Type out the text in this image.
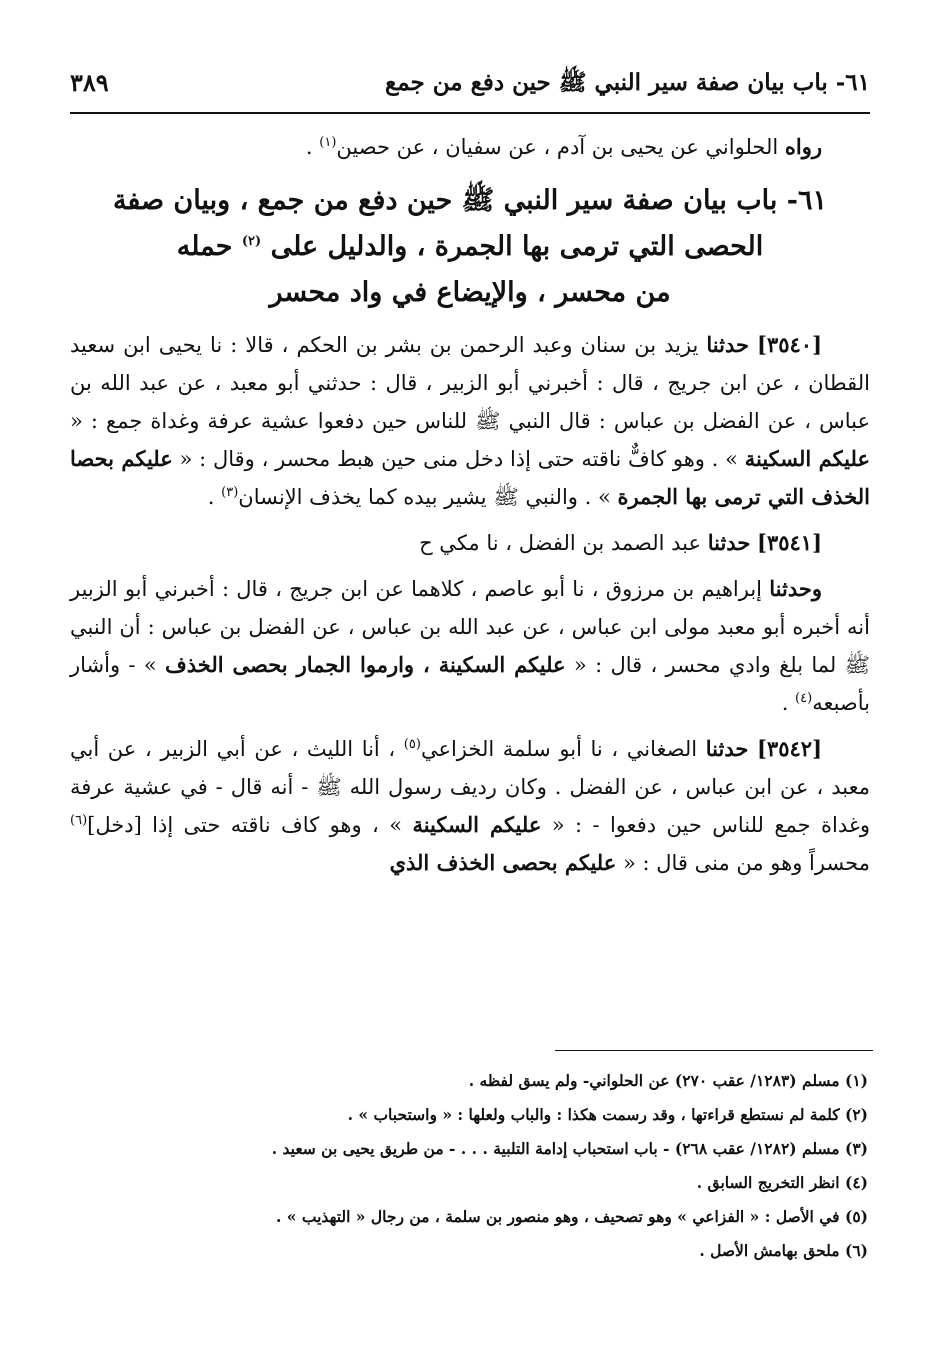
٦١- باب بيان صفة سير النبي ﷺ حين دفع من جمع
٣٨٩

رواه الحلواني عن يحيى بن آدم ، عن سفيان ، عن حصين$^{(١)}$ .

٦١- باب بيان صفة سير النبي ﷺ حين دفع من جمع ، وبيان صفة
الحصى التي ترمى بها الجمرة ، والدليل على $^{(٢)}$ حمله
من محسر ، والإيضاع في واد محسر

[٣٥٤٠] حدثنا يزيد بن سنان وعبد الرحمن بن بشر بن الحكم ، قالا : نا يحيى ابن سعيد القطان ، عن ابن جريج ، قال : أخبرني أبو الزبير ، قال : حدثني أبو معبد ، عن عبد الله بن عباس ، عن الفضل بن عباس : قال النبي ﷺ للناس حين دفعوا عشية عرفة وغداة جمع : « عليكم السكينة » . وهو كافٌّ ناقته حتى إذا دخل منى حين هبط محسر ، وقال : « عليكم بحصا الخذف التي ترمى بها الجمرة » . والنبي ﷺ يشير بيده كما يخذف الإنسان$^{(٣)}$ .

[٣٥٤١] حدثنا عبد الصمد بن الفضل ، نا مكي ح

وحدثنا إبراهيم بن مرزوق ، نا أبو عاصم ، كلاهما عن ابن جريج ، قال : أخبرني أبو الزبير أنه أخبره أبو معبد مولى ابن عباس ، عن عبد الله بن عباس ، عن الفضل بن عباس : أن النبي ﷺ لما بلغ وادي محسر ، قال : « عليكم السكينة ، وارموا الجمار بحصى الخذف » - وأشار بأصبعه$^{(٤)}$ .

[٣٥٤٢] حدثنا الصغاني ، نا أبو سلمة الخزاعي$^{(٥)}$ ، أنا الليث ، عن أبي الزبير ، عن أبي معبد ، عن ابن عباس ، عن الفضل . وكان رديف رسول الله ﷺ - أنه قال - في عشية عرفة وغداة جمع للناس حين دفعوا - : « عليكم السكينة » ، وهو كاف ناقته حتى إذا [دخل]$^{(٦)}$ محسراً وهو من منى قال : « عليكم بحصى الخذف الذي

(١) مسلم (١٢٨٣/ عقب ٢٧٠) عن الحلواني- ولم يسق لفظه .

(٢) كلمة لم نستطع قراءتها ، وقد رسمت هكذا : والباب ولعلها : « واستحباب » .

(٣) مسلم (١٢٨٢/ عقب ٢٦٨) - باب استحباب إدامة التلبية . . . - من طريق يحيى بن سعيد .

(٤) انظر التخريج السابق .

(٥) في الأصل : « الفزاعي » وهو تصحيف ، وهو منصور بن سلمة ، من رجال « التهذيب » .

(٦) ملحق بهامش الأصل .
